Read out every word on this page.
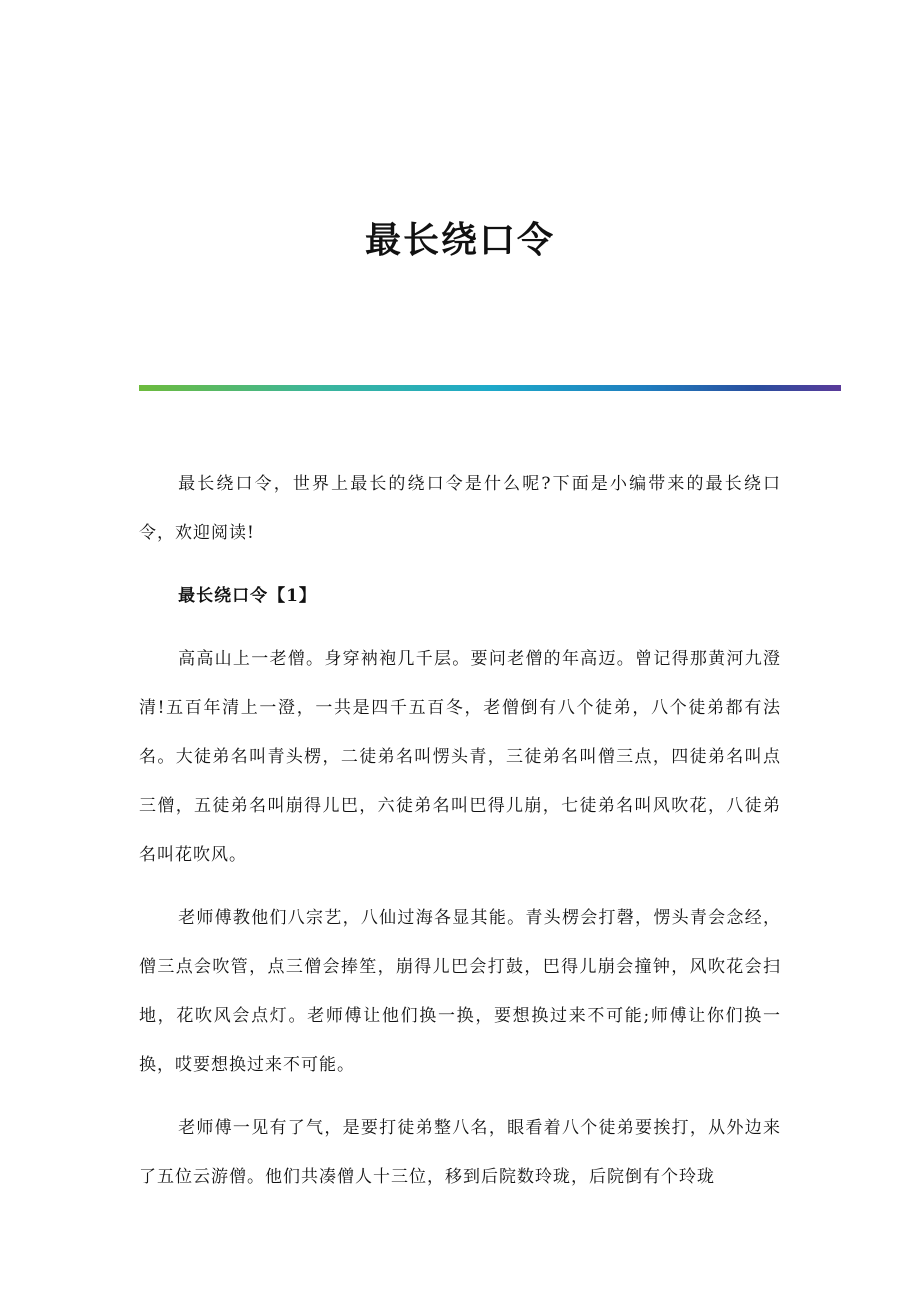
最长绕口令

最长绕口令，世界上最长的绕口令是什么呢?下面是小编带来的最长绕口令，欢迎阅读!

最长绕口令【1】

高高山上一老僧。身穿衲袍几千层。要问老僧的年高迈。曾记得那黄河九澄清!五百年清上一澄，一共是四千五百冬，老僧倒有八个徒弟，八个徒弟都有法名。大徒弟名叫青头楞，二徒弟名叫愣头青，三徒弟名叫僧三点，四徒弟名叫点三僧，五徒弟名叫崩得儿巴，六徒弟名叫巴得儿崩，七徒弟名叫风吹花，八徒弟名叫花吹风。

老师傅教他们八宗艺，八仙过海各显其能。青头楞会打磬，愣头青会念经，僧三点会吹管，点三僧会捧笙，崩得儿巴会打鼓，巴得儿崩会撞钟，风吹花会扫地，花吹风会点灯。老师傅让他们换一换，要想换过来不可能;师傅让你们换一换，哎要想换过来不可能。

老师傅一见有了气，是要打徒弟整八名，眼看着八个徒弟要挨打，从外边来了五位云游僧。他们共凑僧人十三位，移到后院数玲珑，后院倒有个玲珑
